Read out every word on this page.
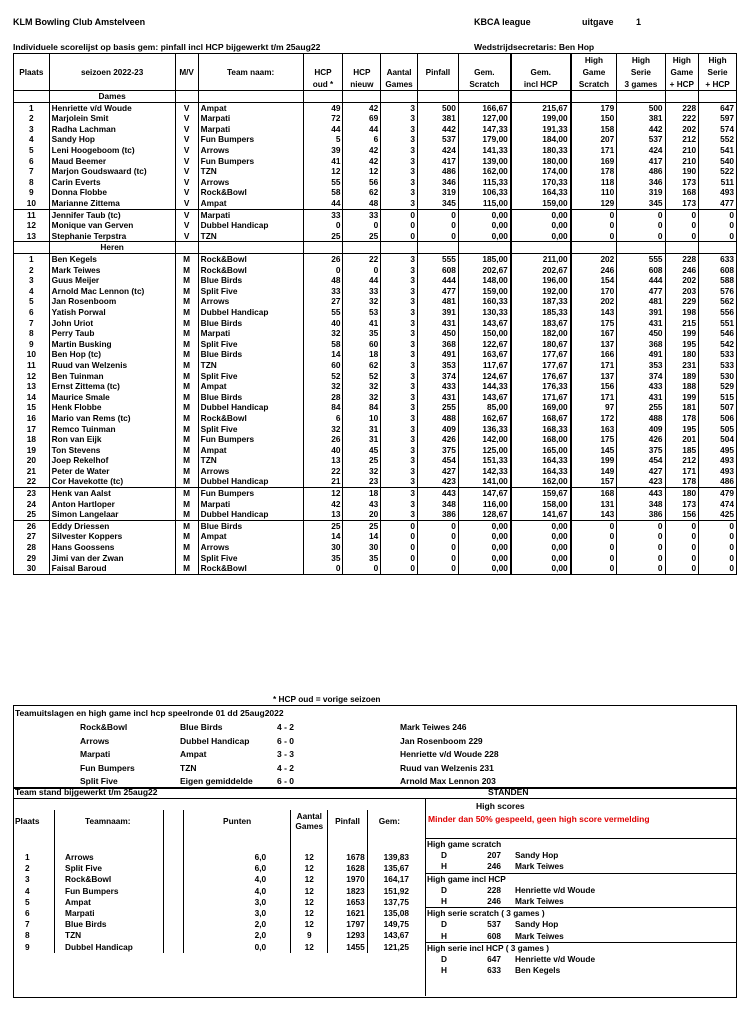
KLM Bowling Club Amstelveen	KBCA league	uitgave 1
Individuele scorelijst op basis gem: pinfall incl HCP bijgewerkt t/m 25aug22	Wedstrijdsecretaris: Ben Hop
										High	High	High	High
Plaats	seizoen 2022-23	M/V	Team naam:	HCP	HCP	Aantal	Pinfall	Gem.	Gem.	Game	Serie	Game	Serie
				oud *	nieuw	Games		Scratch	incl HCP	Scratch	3 games	+ HCP	+ HCP
	Dames												
1	Henriette v/d Woude	V	Ampat	49	42	3	500	166,67	215,67	179	500	228	647
2	Marjolein Smit	V	Marpati	72	69	3	381	127,00	199,00	150	381	222	597
3	Radha Lachman	V	Marpati	44	44	3	442	147,33	191,33	158	442	202	574
4	Sandy Hop	V	Fun Bumpers	5	6	3	537	179,00	184,00	207	537	212	552
5	Leni Hoogeboom (tc)	V	Arrows	39	42	3	424	141,33	180,33	171	424	210	541
6	Maud Beemer	V	Fun Bumpers	41	42	3	417	139,00	180,00	169	417	210	540
7	Marjon Goudswaard (tc)	V	TZN	12	12	3	486	162,00	174,00	178	486	190	522
8	Carin Everts	V	Arrows	55	56	3	346	115,33	170,33	118	346	173	511
9	Donna Flobbe	V	Rock&Bowl	58	62	3	319	106,33	164,33	110	319	168	493
10	Marianne Zittema	V	Ampat	44	48	3	345	115,00	159,00	129	345	173	477
11	Jennifer Taub (tc)	V	Marpati	33	33	0	0	0,00	0,00	0	0	0	0
12	Monique van Gerven	V	Dubbel Handicap	0	0	0	0	0,00	0,00	0	0	0	0
13	Stephanie Terpstra	V	TZN	25	25	0	0	0,00	0,00	0	0	0	0
	Heren												
1	Ben Kegels	M	Rock&Bowl	26	22	3	555	185,00	211,00	202	555	228	633
2	Mark Teiwes	M	Rock&Bowl	0	0	3	608	202,67	202,67	246	608	246	608
3	Guus Meijer	M	Blue Birds	48	44	3	444	148,00	196,00	154	444	202	588
4	Arnold Mac Lennon (tc)	M	Split Five	33	33	3	477	159,00	192,00	170	477	203	576
5	Jan Rosenboom	M	Arrows	27	32	3	481	160,33	187,33	202	481	229	562
6	Yatish Porwal	M	Dubbel Handicap	55	53	3	391	130,33	185,33	143	391	198	556
7	John Uriot	M	Blue Birds	40	41	3	431	143,67	183,67	175	431	215	551
8	Perry Taub	M	Marpati	32	35	3	450	150,00	182,00	167	450	199	546
9	Martin Busking	M	Split Five	58	60	3	368	122,67	180,67	137	368	195	542
10	Ben Hop (tc)	M	Blue Birds	14	18	3	491	163,67	177,67	166	491	180	533
11	Ruud van Welzenis	M	TZN	60	62	3	353	117,67	177,67	171	353	231	533
12	Ben Tuinman	M	Split Five	52	52	3	374	124,67	176,67	137	374	189	530
13	Ernst Zittema (tc)	M	Ampat	32	32	3	433	144,33	176,33	156	433	188	529
14	Maurice Smale	M	Blue Birds	28	32	3	431	143,67	171,67	171	431	199	515
15	Henk Flobbe	M	Dubbel Handicap	84	84	3	255	85,00	169,00	97	255	181	507
16	Mario van Rems (tc)	M	Rock&Bowl	6	10	3	488	162,67	168,67	172	488	178	506
17	Remco Tuinman	M	Split Five	32	31	3	409	136,33	168,33	163	409	195	505
18	Ron van Eijk	M	Fun Bumpers	26	31	3	426	142,00	168,00	175	426	201	504
19	Ton Stevens	M	Ampat	40	45	3	375	125,00	165,00	145	375	185	495
20	Joep Rekelhof	M	TZN	13	25	3	454	151,33	164,33	199	454	212	493
21	Peter de Water	M	Arrows	22	32	3	427	142,33	164,33	149	427	171	493
22	Cor Havekotte (tc)	M	Dubbel Handicap	21	23	3	423	141,00	162,00	157	423	178	486
23	Henk van Aalst	M	Fun Bumpers	12	18	3	443	147,67	159,67	168	443	180	479
24	Anton Hartloper	M	Marpati	42	43	3	348	116,00	158,00	131	348	173	474
25	Simon Langelaar	M	Dubbel Handicap	13	20	3	386	128,67	141,67	143	386	156	425
26	Eddy Driessen	M	Blue Birds	25	25	0	0	0,00	0,00	0	0	0	0
27	Silvester Koppers	M	Ampat	14	14	0	0	0,00	0,00	0	0	0	0
28	Hans Goossens	M	Arrows	30	30	0	0	0,00	0,00	0	0	0	0
29	Jimi van der Zwan	M	Split Five	35	35	0	0	0,00	0,00	0	0	0	0
30	Faisal Baroud	M	Rock&Bowl	0	0	0	0	0,00	0,00	0	0	0	0
* HCP oud = vorige seizoen
Teamuitslagen en high game incl hcp speelronde 01 dd 25aug2022
Rock&Bowl	Blue Birds	4 - 2	Mark Teiwes 246
Arrows	Dubbel Handicap	6 - 0	Jan Rosenboom 229
Marpati	Ampat	3 - 3	Henriette v/d Woude 228
Fun Bumpers	TZN	4 - 2	Ruud van Welzenis 231
Split Five	Eigen gemiddelde	6 - 0	Arnold Max Lennon 203
Team stand bijgewerkt t/m 25aug22	STANDEN
Plaats	Teamnaam:		Punten	Aantal
Games	Pinfall	Gem:

1	Arrows		6,0	12	1678	139,83
2	Split Five		6,0	12	1628	135,67
3	Rock&Bowl		4,0	12	1970	164,17
4	Fun Bumpers		4,0	12	1823	151,92
5	Ampat		3,0	12	1653	137,75
6	Marpati		3,0	12	1621	135,08
7	Blue Birds		2,0	12	1797	149,75
8	TZN		2,0	9	1293	143,67
9	Dubbel Handicap		0,0	12	1455	121,25
High scores
Minder dan 50% gespeeld, geen high score vermelding
High game scratch			
D	207		Sandy Hop
H	246		Mark Teiwes
High game incl HCP			
D	228		Henriette v/d Woude
H	246		Mark Teiwes
High serie scratch ( 3 games )			
D	537		Sandy Hop
H	608		Mark Teiwes
High serie incl HCP ( 3 games )			
D	647		Henriette v/d Woude
H	633		Ben Kegels
